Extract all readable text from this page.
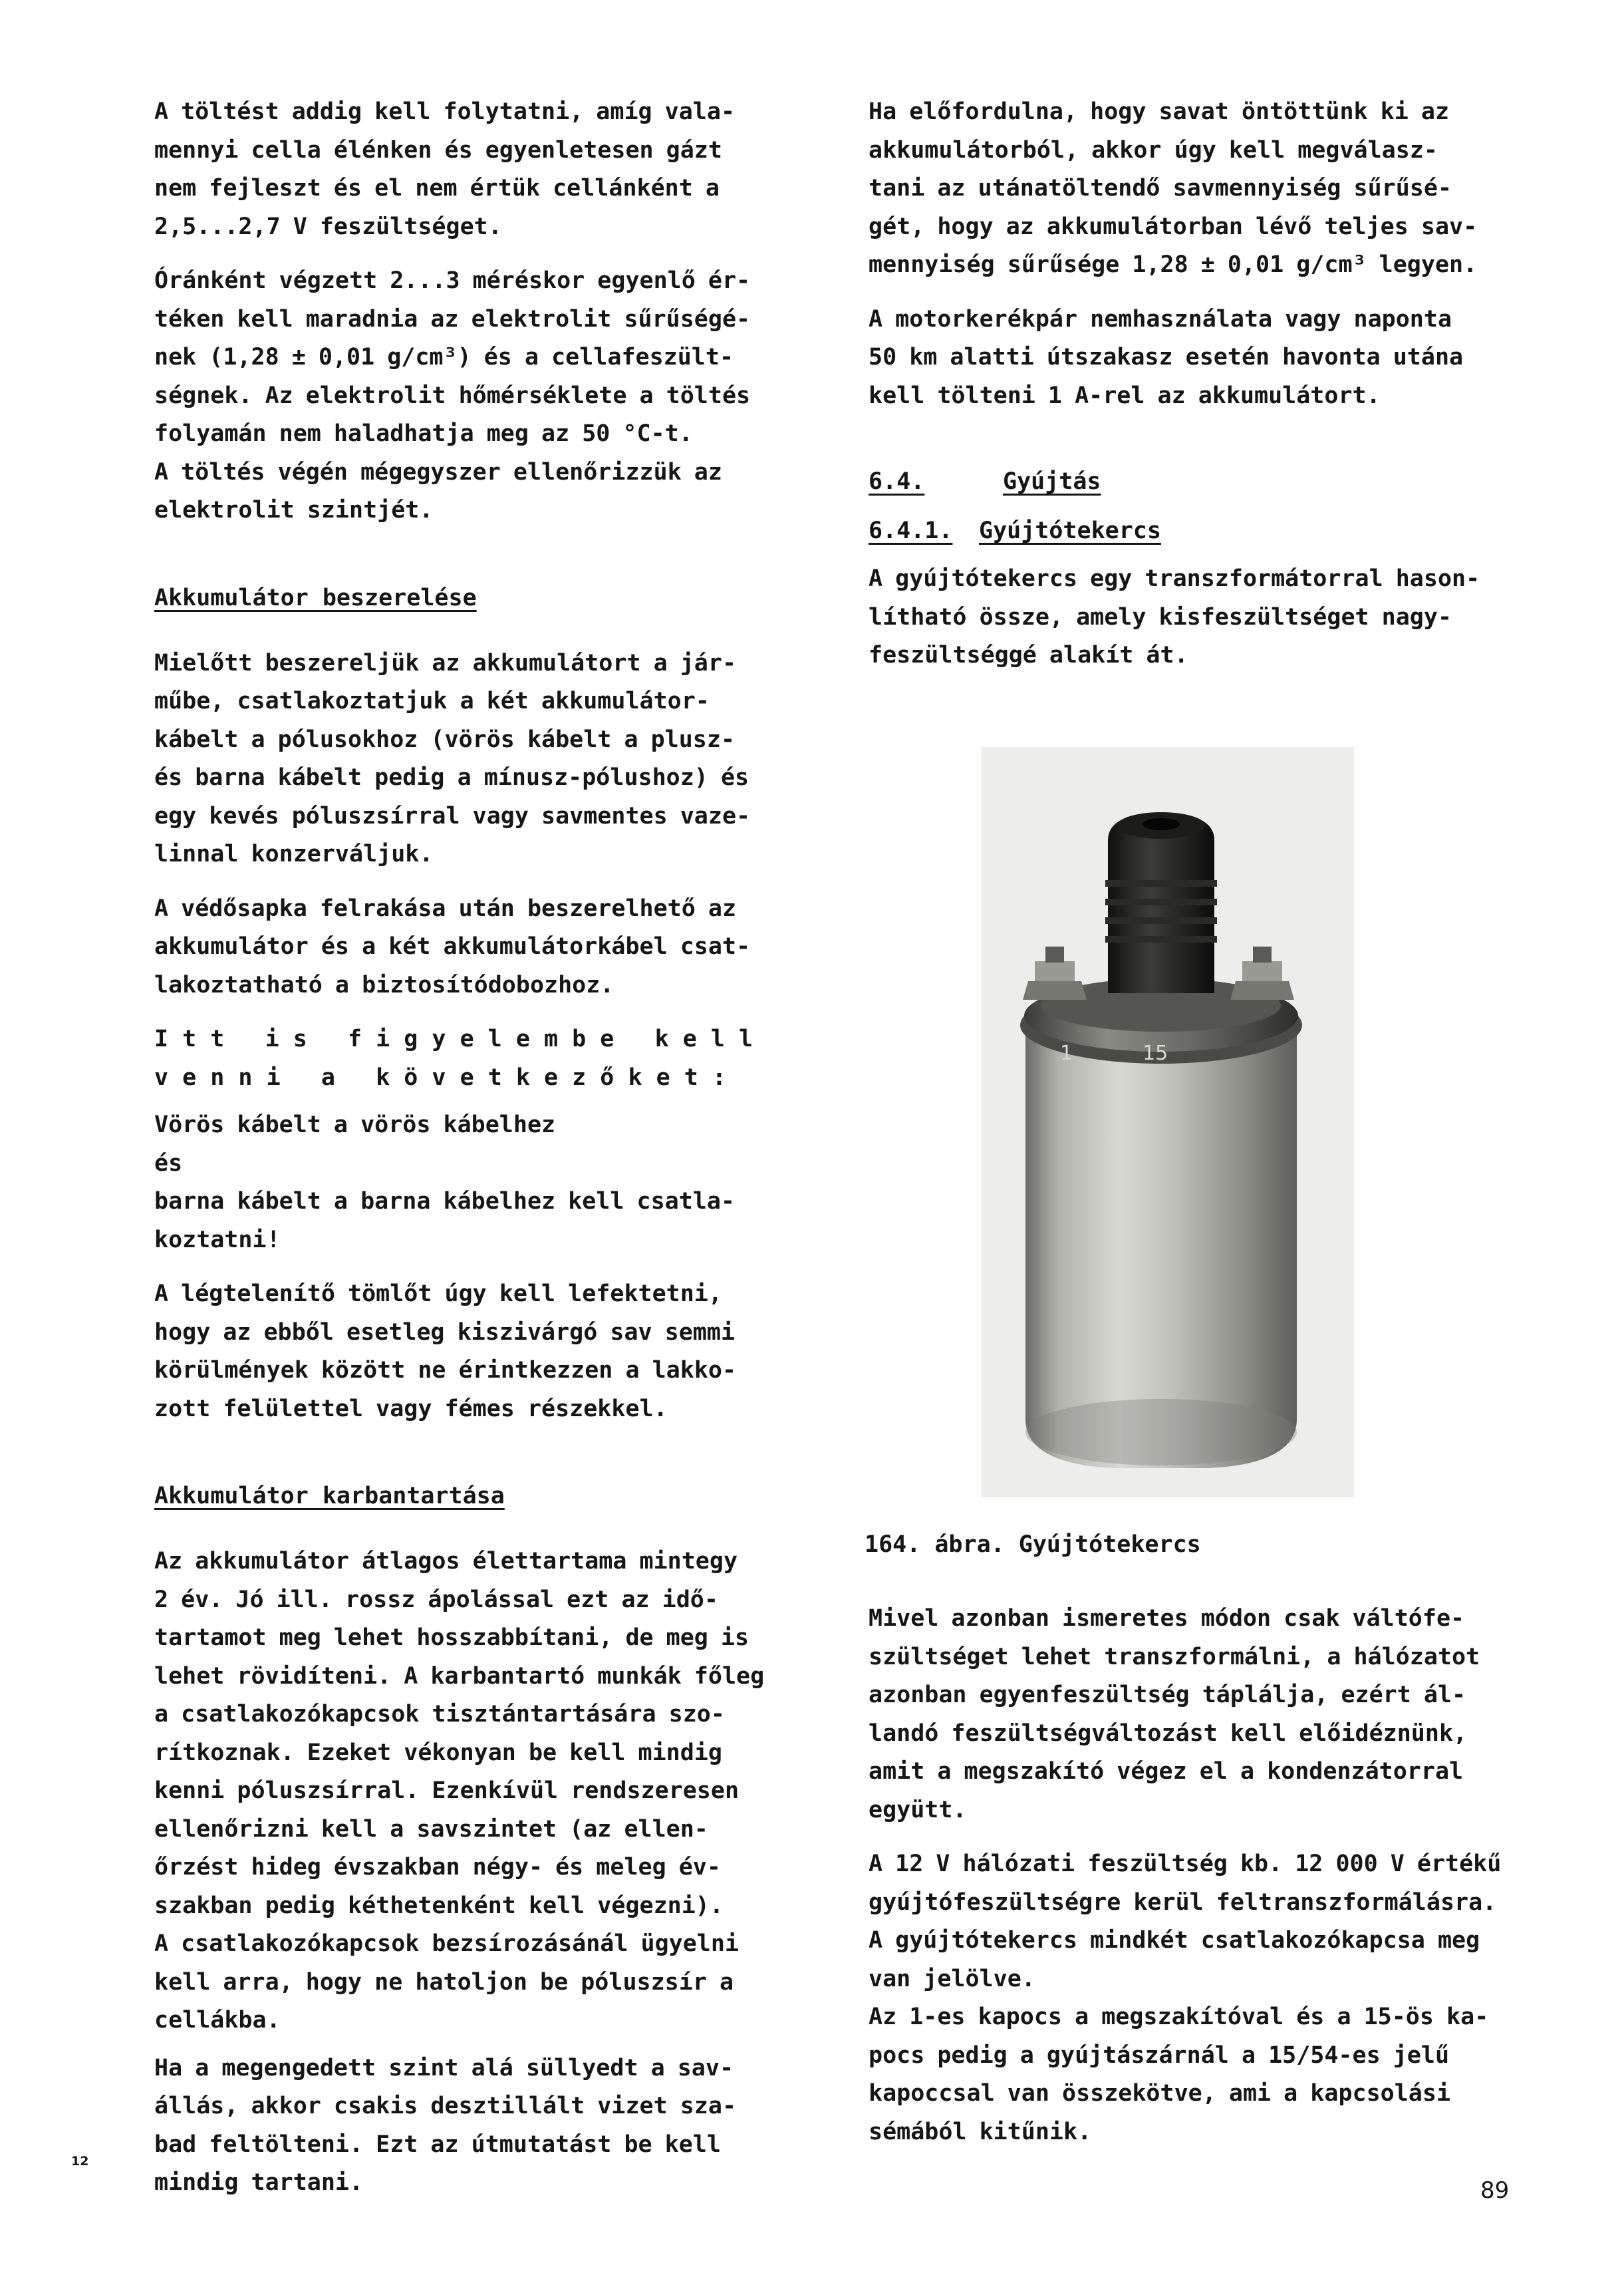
A töltést addig kell folytatni, amíg vala-
mennyi cella élénken és egyenletesen gázt
nem fejleszt és el nem értük cellánként a
2,5...2,7 V feszültséget.

Óránként végzett 2...3 méréskor egyenlő ér-
téken kell maradnia az elektrolit sűrűségé-
nek (1,28 ± 0,01 g/cm³) és a cellafeszült-
ségnek. Az elektrolit hőmérséklete a töltés
folyamán nem haladhatja meg az 50 °C-t.
A töltés végén mégegyszer ellenőrizzük az
elektrolit szintjét.

Akkumulátor beszerelése

Mielőtt beszereljük az akkumulátort a jár-
műbe, csatlakoztatjuk a két akkumulátor-
kábelt a pólusokhoz (vörös kábelt a plusz-
és barna kábelt pedig a mínusz-pólushoz) és
egy kevés póluszsírral vagy savmentes vaze-
linnal konzerváljuk.

A védősapka felrakása után beszerelhető az
akkumulátor és a két akkumulátorkábel csat-
lakoztatható a biztosítódobozhoz.

I t t   i s   f i g y e l e m b e   k e l l

v e n n i   a   k ö v e t k e z ő k e t :

Vörös kábelt a vörös kábelhez
és
barna kábelt a barna kábelhez kell csatla-
koztatni!

A légtelenítő tömlőt úgy kell lefektetni,
hogy az ebből esetleg kiszivárgó sav semmi
körülmények között ne érintkezzen a lakko-
zott felülettel vagy fémes részekkel.

Akkumulátor karbantartása

Az akkumulátor átlagos élettartama mintegy
2 év. Jó ill. rossz ápolással ezt az idő-
tartamot meg lehet hosszabbítani, de meg is
lehet rövidíteni. A karbantartó munkák főleg
a csatlakozókapcsok tisztántartására szo-
rítkoznak. Ezeket vékonyan be kell mindig
kenni póluszsírral. Ezenkívül rendszeresen
ellenőrizni kell a savszintet (az ellen-
őrzést hideg évszakban négy- és meleg év-
szakban pedig kéthetenként kell végezni).
A csatlakozókapcsok bezsírozásánál ügyelni
kell arra, hogy ne hatoljon be póluszsír a
cellákba.

Ha a megengedett szint alá süllyedt a sav-
állás, akkor csakis desztillált vizet sza-
bad feltölteni. Ezt az útmutatást be kell
mindig tartani.

Ha előfordulna, hogy savat öntöttünk ki az
akkumulátorból, akkor úgy kell megválasz-
tani az utánatöltendő savmennyiség sűrűsé-
gét, hogy az akkumulátorban lévő teljes sav-
mennyiség sűrűsége 1,28 ± 0,01 g/cm³ legyen.

A motorkerékpár nemhasználata vagy naponta
50 km alatti útszakasz esetén havonta utána
kell tölteni 1 A-rel az akkumulátort.

6.4.	Gyújtás
6.4.1. Gyújtótekercs

A gyújtótekercs egy transzformátorral hason-
lítható össze, amely kisfeszültséget nagy-
feszültséggé alakít át.

1	15

164. ábra. Gyújtótekercs

Mivel azonban ismeretes módon csak váltófe-
szültséget lehet transzformálni, a hálózatot
azonban egyenfeszültség táplálja, ezért ál-
landó feszültségváltozást kell előidéznünk,
amit a megszakító végez el a kondenzátorral
együtt.

A 12 V hálózati feszültség kb. 12 000 V értékű
gyújtófeszültségre kerül feltranszformálásra.
A gyújtótekercs mindkét csatlakozókapcsa meg
van jelölve.
Az 1-es kapocs a megszakítóval és a 15-ös ka-
pocs pedig a gyújtászárnál a 15/54-es jelű
kapoccsal van összekötve, ami a kapcsolási
sémából kitűnik.

12
89
